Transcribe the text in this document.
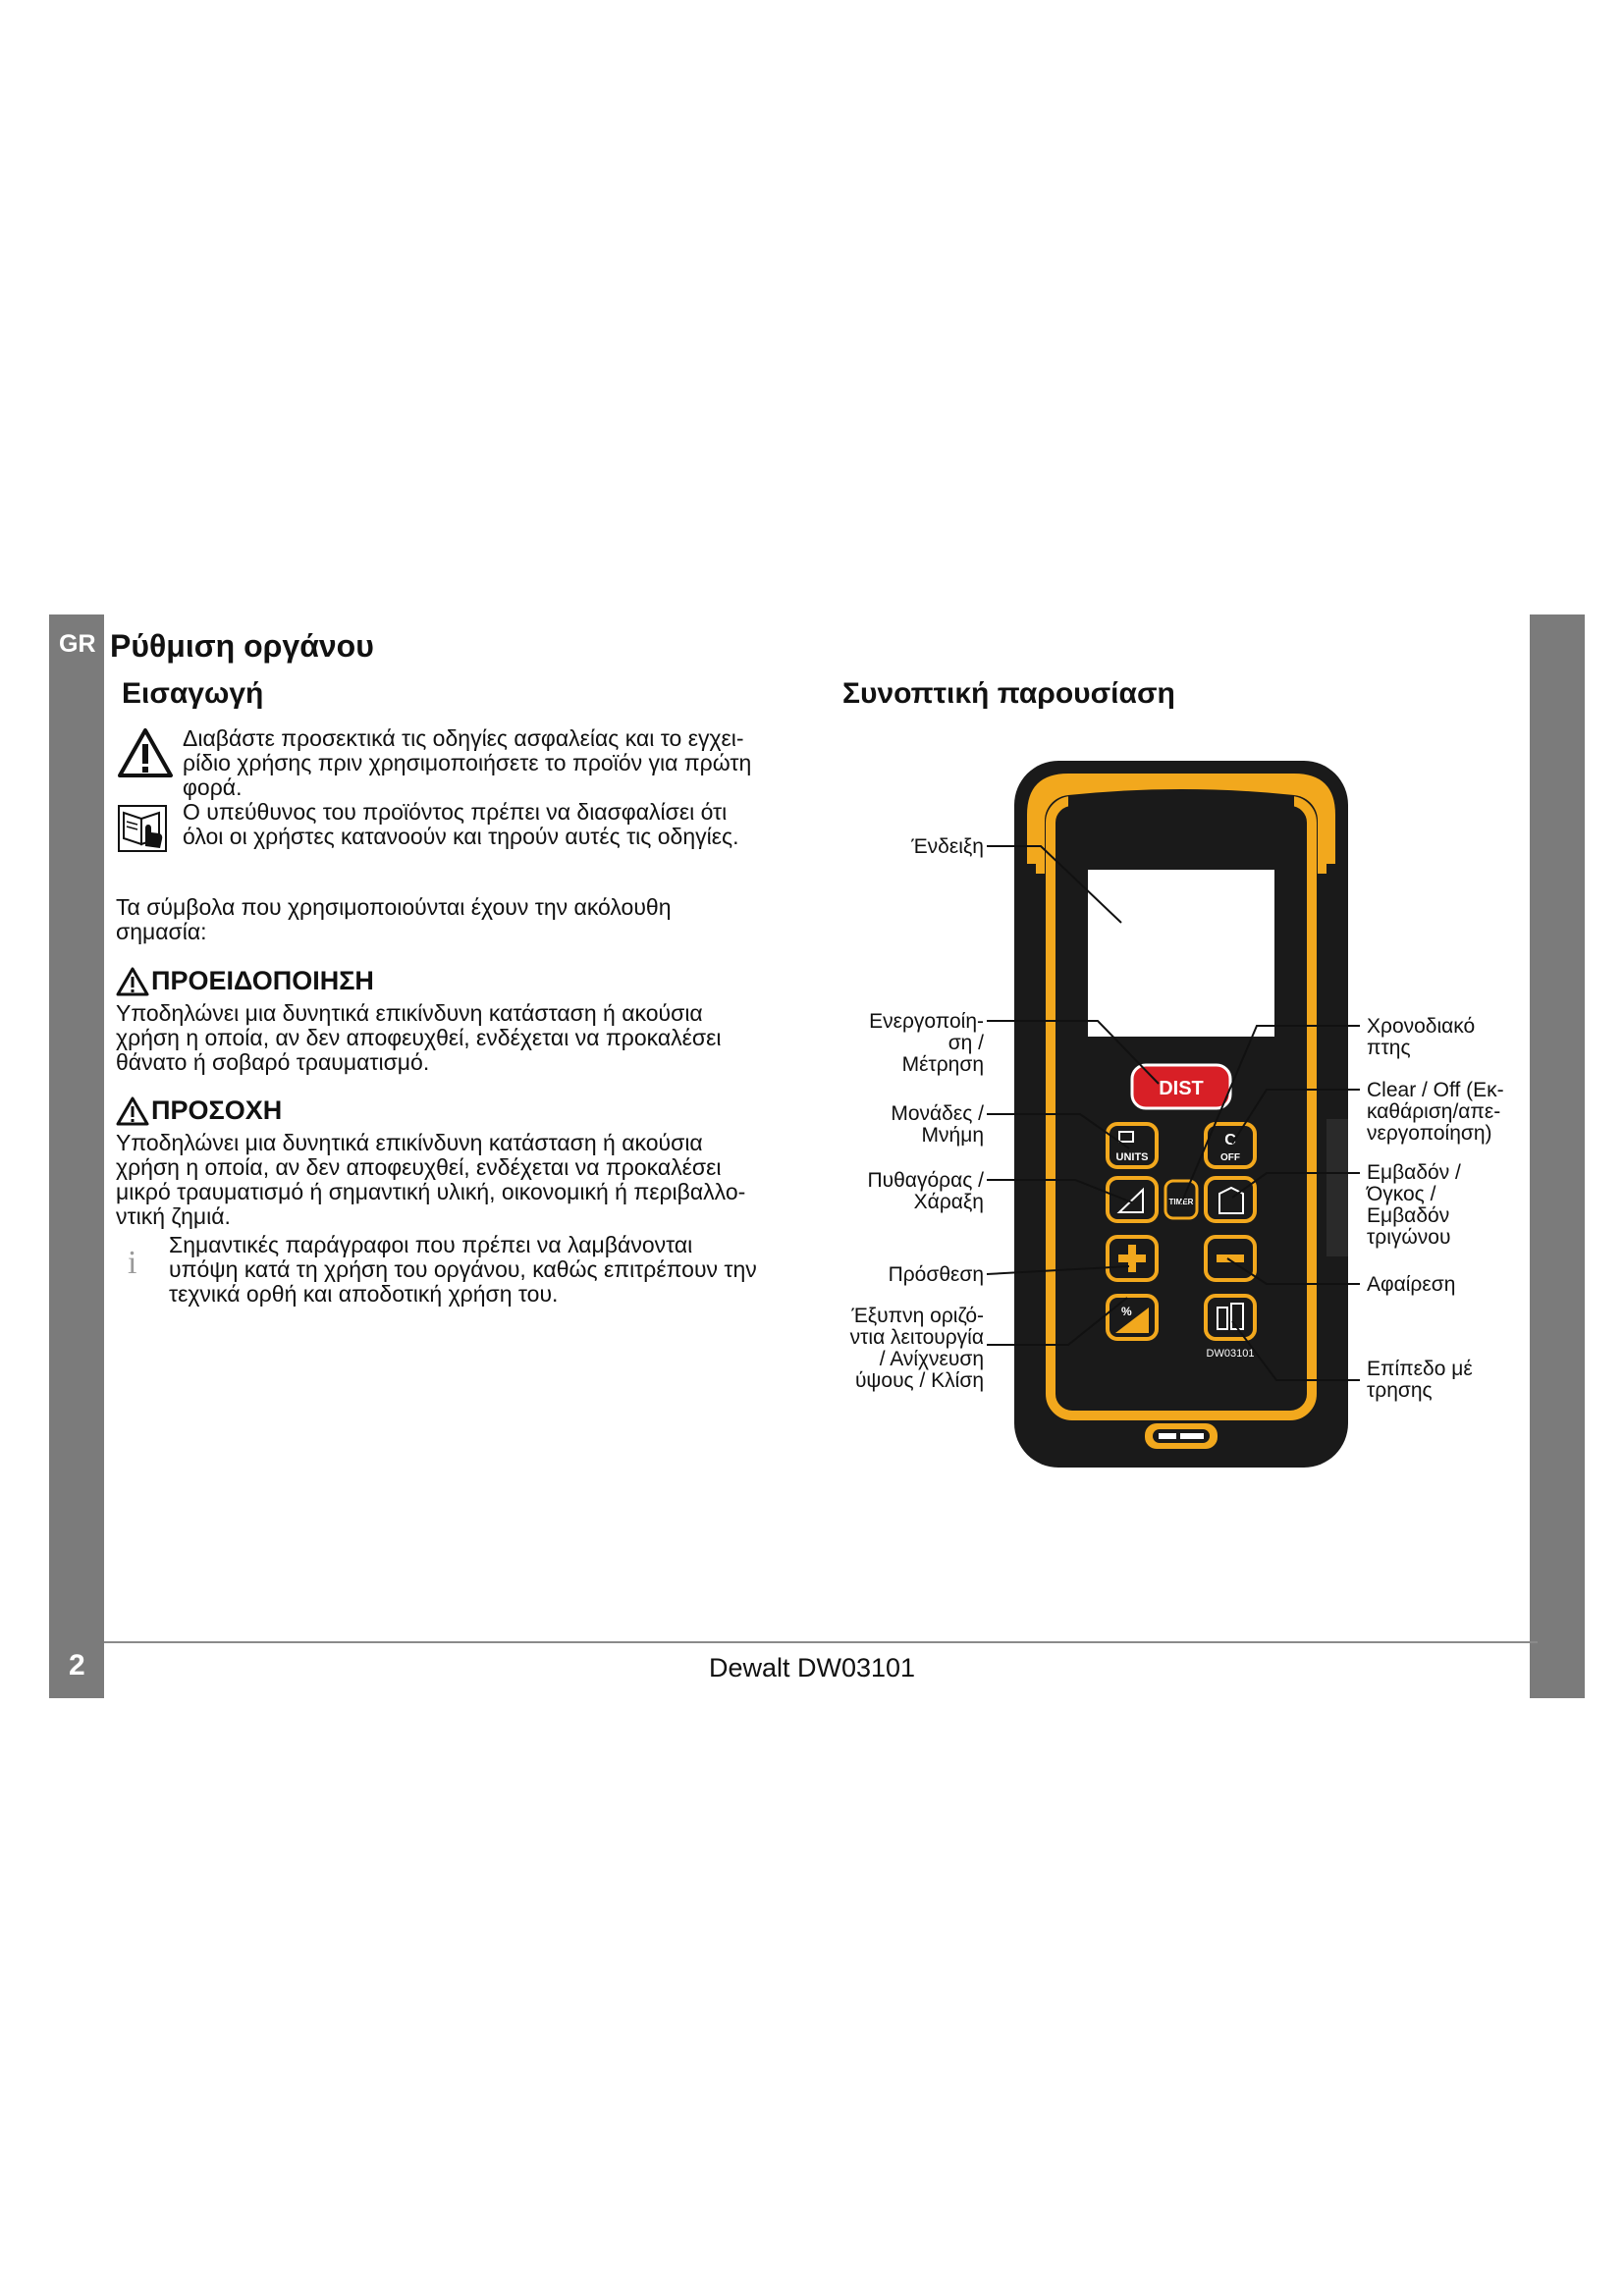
GR
2
Ρύθμιση οργάνου
Εισαγωγή
Διαβάστε προσεκτικά τις οδηγίες ασφαλείας και το εγχει-
ρίδιο χρήσης πριν χρησιμοποιήσετε το προϊόν για πρώτη
φορά.
Ο υπεύθυνος του προϊόντος πρέπει να διασφαλίσει ότι
όλοι οι χρήστες κατανοούν και τηρούν αυτές τις οδηγίες.
Τα σύμβολα που χρησιμοποιούνται έχουν την ακόλουθη
σημασία:
ΠΡΟΕΙΔΟΠΟΙΗΣΗ
Υποδηλώνει μια δυνητικά επικίνδυνη κατάσταση ή ακούσια
χρήση η οποία, αν δεν αποφευχθεί, ενδέχεται να προκαλέσει
θάνατο ή σοβαρό τραυματισμό.
ΠΡΟΣΟΧΗ
Υποδηλώνει μια δυνητικά επικίνδυνη κατάσταση ή ακούσια
χρήση η οποία, αν δεν αποφευχθεί, ενδέχεται να προκαλέσει
μικρό τραυματισμό ή σημαντική υλική, οικονομική ή περιβαλλο-
ντική ζημιά.
i Σημαντικές παράγραφοι που πρέπει να λαμβάνονται
υπόψη κατά τη χρήση του οργάνου, καθώς επιτρέπουν την
τεχνικά ορθή και αποδοτική χρήση του.
Συνοπτική παρουσίαση
DIST
UNITS
C
OFF
TIMER
%
DW03101
Ένδειξη
Ενεργοποίη-
ση /
Μέτρηση
Μονάδες /
Μνήμη
Πυθαγόρας /
Χάραξη
Πρόσθεση
Έξυπνη οριζό-
ντια λειτουργία
/ Ανίχνευση
ύψους / Κλίση
Χρονοδιακό
πτης
Clear / Off (Εκ-
καθάριση/απε-
νεργοποίηση)
Εμβαδόν /
Όγκος /
Εμβαδόν
τριγώνου
Αφαίρεση
Επίπεδο μέ
τρησης
Dewalt DW03101
